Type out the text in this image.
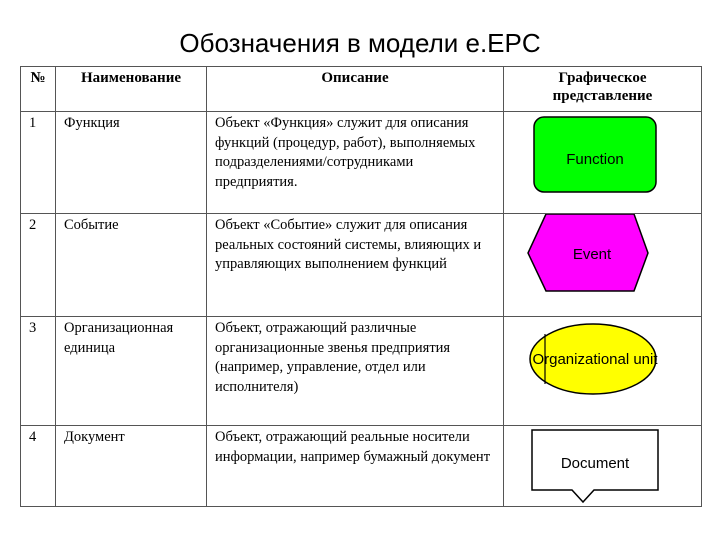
Обозначения в модели е.EPC
№	Наименование	Описание	Графическое представление
1	Функция	Объект «Функция» служит для описания функций (процедур, работ), выполняемых подразделениями/сотрудниками предприятия.	Function

2	Событие	Объект «Событие» служит для описания реальных состояний системы, влияющих и управляющих выполнением функций	Event

3	Организационная единица	Объект, отражающий различные организационные звенья предприятия (например, управление, отдел или исполнителя)	Organizational unit

4	Документ	Объект, отражающий реальные носители информации, например бумажный документ	Document
